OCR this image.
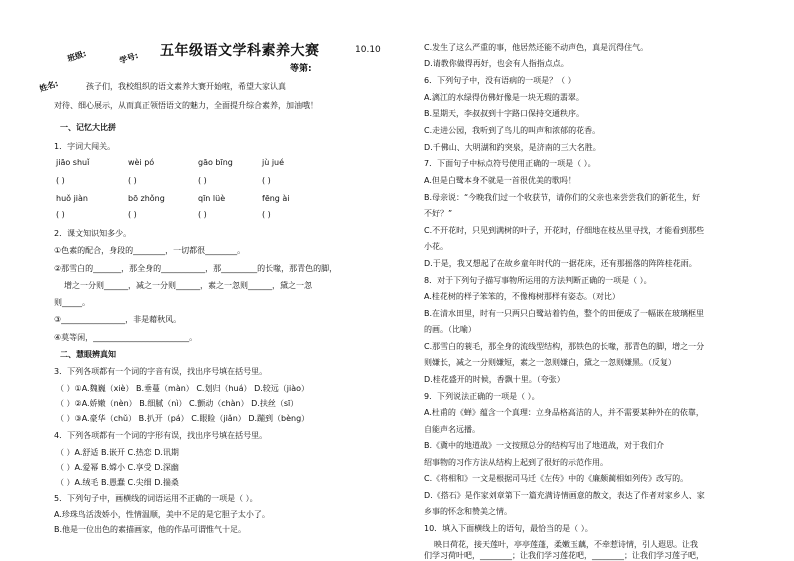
班级:	学号:
姓名:
五年级语文学科素养大赛	10.10
等第:
孩子们，我校组织的语文素养大赛开始啦，希望大家认真
对待、细心展示，从而真正领悟语文的魅力，全面提升综合素养，加油哦！
一、记忆大比拼
1．字词大闯关。
jiāo shuǐ	wèi pó	gāo bīng	jù jué
( )	( )	( )	( )
huǒ jiàn	bō zhǒng	qīn lüè	fēng ài
( )	( )	( )	( )
2．课文知识知多少。
①色素的配合，身段的________，一切都很________。
②那雪白的_______，那全身的___________，那_________的长喙，那青色的脚，
增之一分则______，减之一分则______，素之一忽则______，黛之一忽
则_____。
③________________，非是藉秋风。
④莫等闲，________________________。
二、慧眼辨真知
3．下列各项都有一个词的字音有误，找出序号填在括号里。
（ ）①A.魏巍（xiè） B.垂蔓（màn） C.划归（huá） D.较远（jiào）
（ ）②A.娇嫩（nèn） B.细腻（nì） C.颤动（chàn） D.扶丝（sī）
（ ）③A.豪华（chǔ） B.扒开（pá） C.眼睑（jiǎn） D.蹦到（bèng）
4．下列各项都有一个词的字形有误，找出序号填在括号里。
（ ）A.舒适 B.嵌开 C.热恋 D.讯期
（ ）A.爱幂 B.嫦小 C.享受 D.深幽
（ ）A.绒毛 B.愚蠢 C.尖细 D.揣桑
5．下列句子中，画横线的词语运用不正确的一项是（ ）。
A.珍珠鸟活泼娇小，性情温顺，美中不足的是它胆子太小了。
B.他是一位出色的素描画家，他的作品可谓惟气十足。
C.发生了这么严重的事，他居然还能不动声色，真是沉得住气。
D.请教你做得再好，也会有人指指点点。
6．下列句子中，没有语病的一项是？（ ）
A.漓江的水绿得仿佛好像是一块无瑕的翡翠。
B.星期天，李叔叔到十字路口保持交通秩序。
C.走进公园，我听到了鸟儿的叫声和浓郁的花香。
D.千佛山、大明湖和趵突泉，是济南的三大名胜。
7．下面句子中标点符号使用正确的一项是（ ）。
A.但是白鹭本身不就是一首很优美的歌吗！
B.母亲说：“今晚我们过一个收获节，请你们的父亲也来尝尝我们的新花生，好
不好？”
C.不开花时，只见到满树的叶子，开花时，仔细地在枝丛里寻找，才能看到那些
小花。
D.于是，我又想起了在故乡童年时代的一据花床，还有那摇落的阵阵桂花雨。
8．对于下列句子描写事物所运用的方法判断正确的一项是（ ）。
A.桂花树的样子笨笨的，不像梅树那样有姿态。（对比）
B.在清水田里，时有一只两只白鹭站着钓鱼，整个的田便成了一幅嵌在玻璃框里
的画。（比喻）
C.那雪白的蓑毛，那全身的流线型结构，那铁色的长喙，那青色的脚，增之一分
则嫌长，减之一分则嫌短，素之一忽则嫌白，黛之一忽则嫌黑。（反复）
D.桂花盛开的时候，香飘十里。（夸张）
9．下列说法正确的一项是（ ）。
A.杜甫的《蝉》蕴含一个真理：立身品格高洁的人，并不需要某种外在的依靠，
自能声名远播。
B.《冀中的地道战》一文按照总分的结构写出了地道战，对于我们介
绍事物的习作方法从结构上起到了很好的示范作用。
C.《将相和》一文是根据司马迁《左传》中的《廉颇蔺相如列传》改写的。
D.《搭石》是作家刘章第下一篇充满诗情画意的散文，表达了作者对家乡人、家
乡事的怀念和赞美之情。
10．填入下面横线上的语句，最恰当的是（ ）。
映日荷花，接天莲叶，亭亭莲蓬，柔嫩玉藕，不牵惹诗情，引人遐思。让我
们学习荷叶吧，________；让我们学习莲花吧，________；让我们学习莲子吧，
